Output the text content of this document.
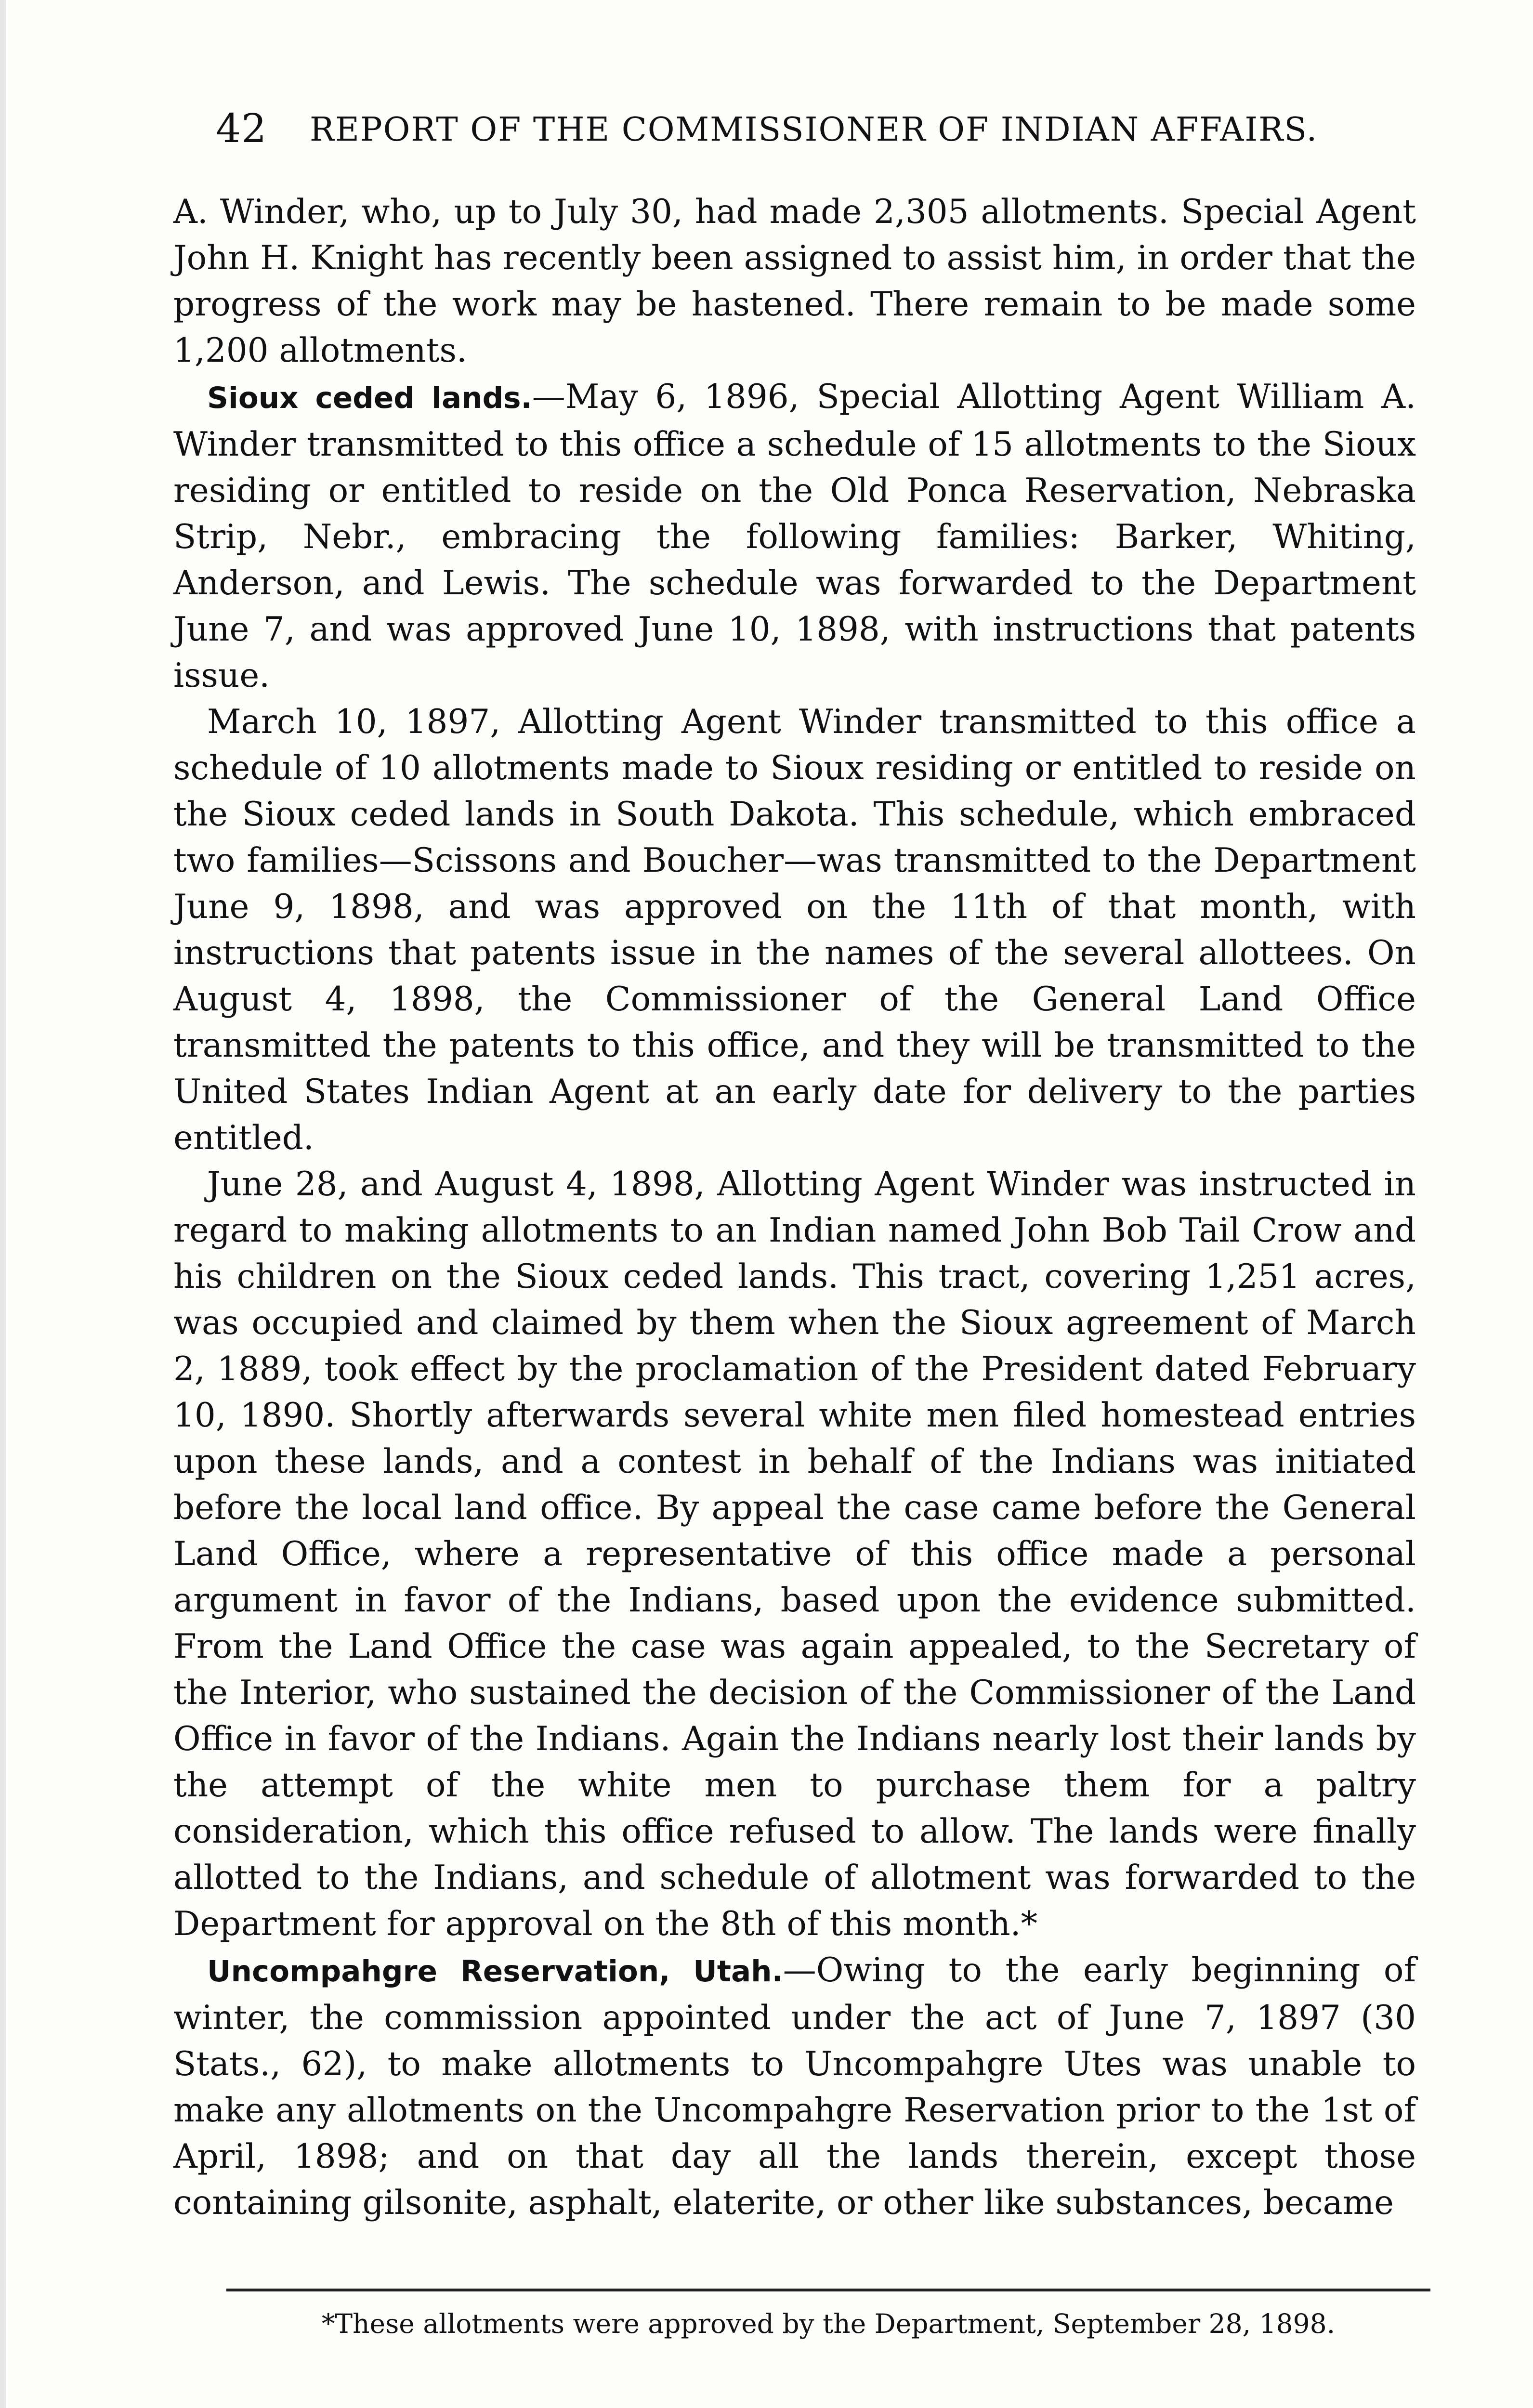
42 REPORT OF THE COMMISSIONER OF INDIAN AFFAIRS.

A. Winder, who, up to July 30, had made 2,305 allotments. Special Agent John H. Knight has recently been assigned to assist him, in order that the progress of the work may be hastened. There remain to be made some 1,200 allotments.

Sioux ceded lands.—May 6, 1896, Special Allotting Agent William A. Winder transmitted to this office a schedule of 15 allotments to the Sioux residing or entitled to reside on the Old Ponca Reservation, Nebraska Strip, Nebr., embracing the following families: Barker, Whiting, Anderson, and Lewis. The schedule was forwarded to the Department June 7, and was approved June 10, 1898, with instructions that patents issue.

March 10, 1897, Allotting Agent Winder transmitted to this office a schedule of 10 allotments made to Sioux residing or entitled to reside on the Sioux ceded lands in South Dakota. This schedule, which embraced two families—Scissons and Boucher—was transmitted to the Department June 9, 1898, and was approved on the 11th of that month, with instructions that patents issue in the names of the several allottees. On August 4, 1898, the Commissioner of the General Land Office transmitted the patents to this office, and they will be transmitted to the United States Indian Agent at an early date for delivery to the parties entitled.

June 28, and August 4, 1898, Allotting Agent Winder was instructed in regard to making allotments to an Indian named John Bob Tail Crow and his children on the Sioux ceded lands. This tract, covering 1,251 acres, was occupied and claimed by them when the Sioux agreement of March 2, 1889, took effect by the proclamation of the President dated February 10, 1890. Shortly afterwards several white men filed homestead entries upon these lands, and a contest in behalf of the Indians was initiated before the local land office. By appeal the case came before the General Land Office, where a representative of this office made a personal argument in favor of the Indians, based upon the evidence submitted. From the Land Office the case was again appealed, to the Secretary of the Interior, who sustained the decision of the Commissioner of the Land Office in favor of the Indians. Again the Indians nearly lost their lands by the attempt of the white men to purchase them for a paltry consideration, which this office refused to allow. The lands were finally allotted to the Indians, and schedule of allotment was forwarded to the Department for approval on the 8th of this month.*

Uncompahgre Reservation, Utah.—Owing to the early beginning of winter, the commission appointed under the act of June 7, 1897 (30 Stats., 62), to make allotments to Uncompahgre Utes was unable to make any allotments on the Uncompahgre Reservation prior to the 1st of April, 1898; and on that day all the lands therein, except those containing gilsonite, asphalt, elaterite, or other like substances, became

*These allotments were approved by the Department, September 28, 1898.
